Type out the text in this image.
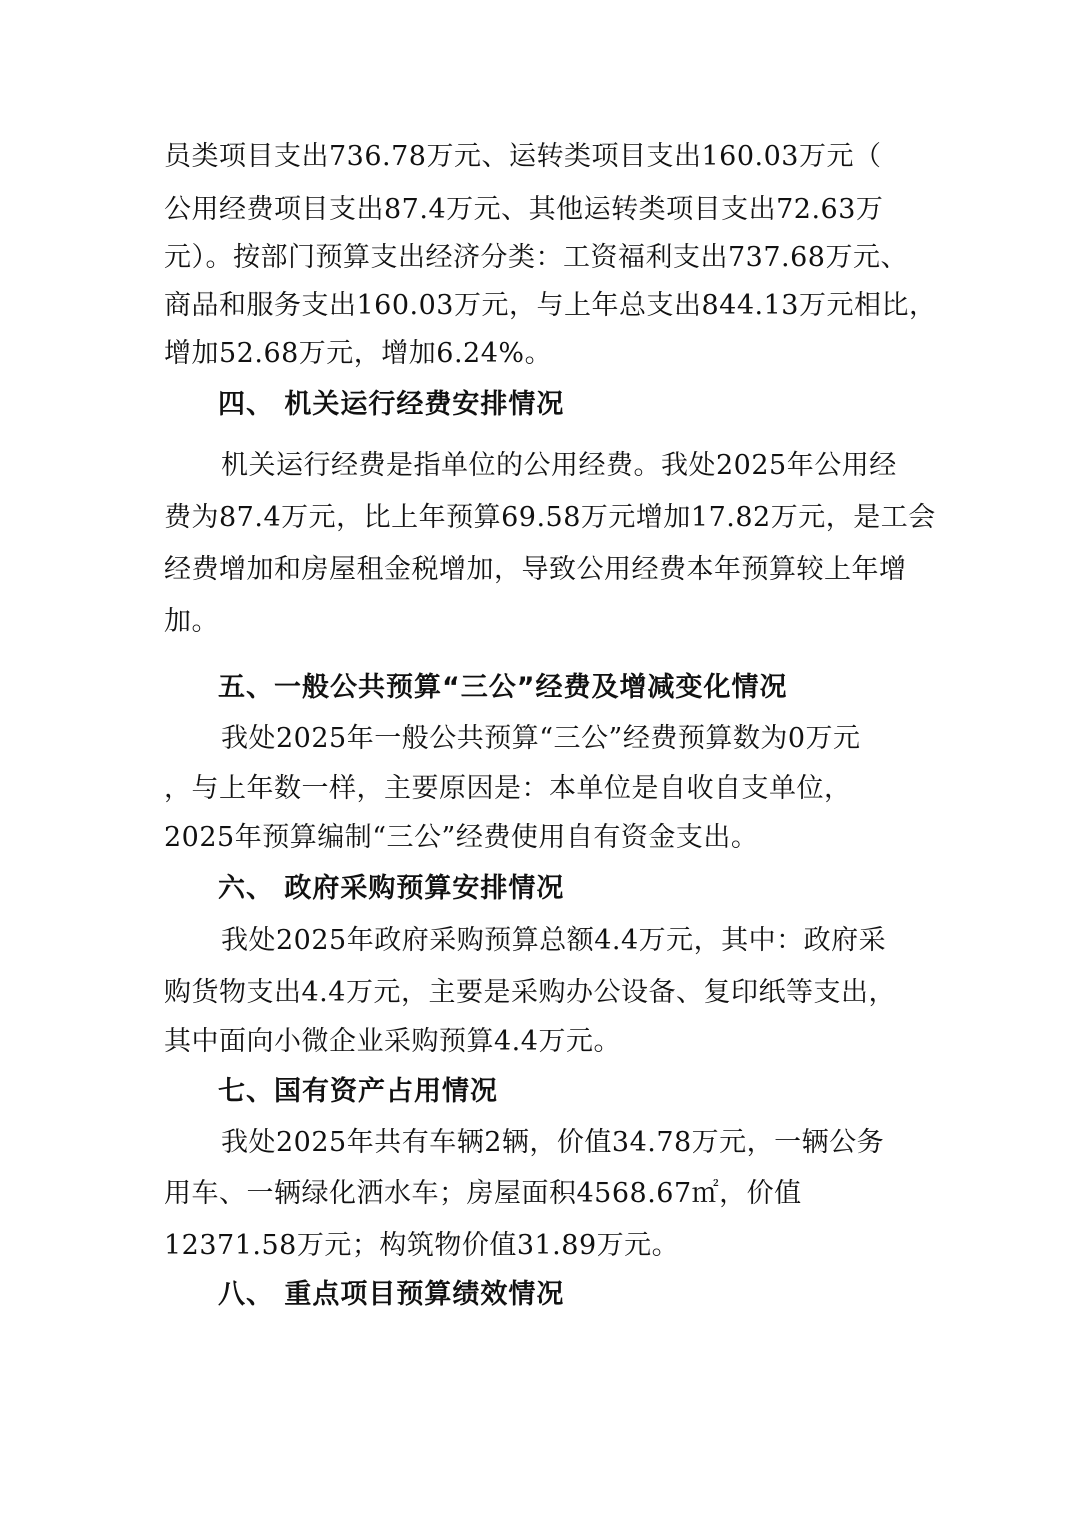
员类项目支出736.78万元、运转类项目支出160.03万元（
公用经费项目支出87.4万元、其他运转类项目支出72.63万
元）。按部门预算支出经济分类：工资福利支出737.68万元、
商品和服务支出160.03万元，与上年总支出844.13万元相比，
增加52.68万元，增加6.24%。
四、 机关运行经费安排情况
机关运行经费是指单位的公用经费。我处2025年公用经
费为87.4万元，比上年预算69.58万元增加17.82万元，是工会
经费增加和房屋租金税增加，导致公用经费本年预算较上年增
加。
五、一般公共预算“三公”经费及增减变化情况
我处2025年一般公共预算“三公”经费预算数为0万元
，与上年数一样，主要原因是：本单位是自收自支单位，
2025年预算编制“三公”经费使用自有资金支出。
六、 政府采购预算安排情况
我处2025年政府采购预算总额4.4万元，其中：政府采
购货物支出4.4万元，主要是采购办公设备、复印纸等支出，
其中面向小微企业采购预算4.4万元。
七、国有资产占用情况
我处2025年共有车辆2辆，价值34.78万元，一辆公务
用车、一辆绿化洒水车；房屋面积4568.67㎡，价值
12371.58万元；构筑物价值31.89万元。
八、 重点项目预算绩效情况
